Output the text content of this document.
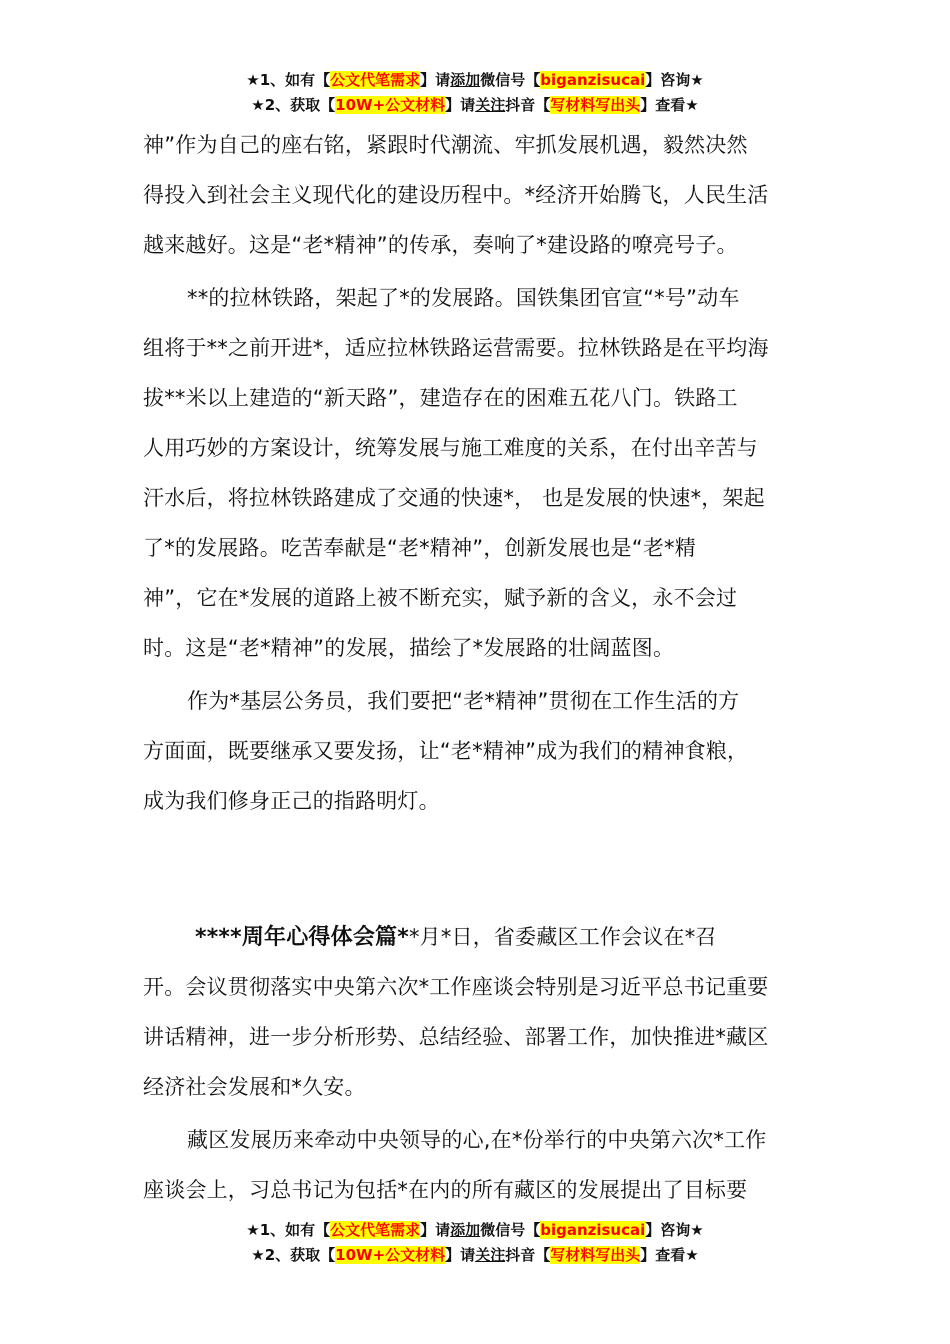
★1、如有【公文代笔需求】请添加微信号【biganzisucai】咨询★
★2、获取【10W+公文材料】请关注抖音【写材料写出头】查看★

神”作为自己的座右铭，紧跟时代潮流、牢抓发展机遇，毅然决然
得投入到社会主义现代化的建设历程中。*经济开始腾飞，人民生活
越来越好。这是“老*精神”的传承，奏响了*建设路的嘹亮号子。

**的拉林铁路，架起了*的发展路。国铁集团官宣“*号”动车
组将于**之前开进*，适应拉林铁路运营需要。拉林铁路是在平均海
拔**米以上建造的“新天路”，建造存在的困难五花八门。铁路工
人用巧妙的方案设计，统筹发展与施工难度的关系，在付出辛苦与
汗水后，将拉林铁路建成了交通的快速*， 也是发展的快速*，架起
了*的发展路。吃苦奉献是“老*精神”，创新发展也是“老*精
神”，它在*发展的道路上被不断充实，赋予新的含义，永不会过
时。这是“老*精神”的发展，描绘了*发展路的壮阔蓝图。

作为*基层公务员，我们要把“老*精神”贯彻在工作生活的方
方面面，既要继承又要发扬，让“老*精神”成为我们的精神食粮，
成为我们修身正己的指路明灯。

****周年心得体会篇**月*日，省委藏区工作会议在*召
开。会议贯彻落实中央第六次*工作座谈会特别是习近平总书记重要
讲话精神，进一步分析形势、总结经验、部署工作，加快推进*藏区
经济社会发展和*久安。

藏区发展历来牵动中央领导的心,在*份举行的中央第六次*工作
座谈会上，习总书记为包括*在内的所有藏区的发展提出了目标要

★1、如有【公文代笔需求】请添加微信号【biganzisucai】咨询★
★2、获取【10W+公文材料】请关注抖音【写材料写出头】查看★
